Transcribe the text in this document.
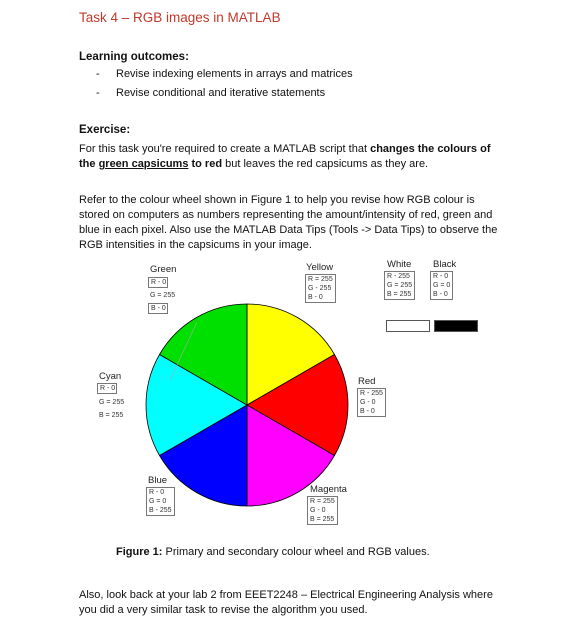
Task 4 – RGB images in MATLAB
Learning outcomes:
- Revise indexing elements in arrays and matrices
- Revise conditional and iterative statements
Exercise:
For this task you're required to create a MATLAB script that changes the colours of the green capsicums to red but leaves the red capsicums as they are.
Refer to the colour wheel shown in Figure 1 to help you revise how RGB colour is stored on computers as numbers representing the amount/intensity of red, green and blue in each pixel. Also use the MATLAB Data Tips (Tools -> Data Tips) to observe the RGB intensities in the capsicums in your image.
Green
R - 0
G = 255
B - 0
Yellow
R = 255
G - 255
B - 0
White
R - 255
G = 255
B = 255
Black
R - 0
G = 0
B - 0
Cyan
R - 0
G = 255
B = 255
Red
R - 255
G - 0
B - 0
Blue
R - 0
G = 0
B - 255
Magenta
R = 255
G - 0
B = 255
Figure 1: Primary and secondary colour wheel and RGB values.
Also, look back at your lab 2 from EEET2248 – Electrical Engineering Analysis where you did a very similar task to revise the algorithm you used.
